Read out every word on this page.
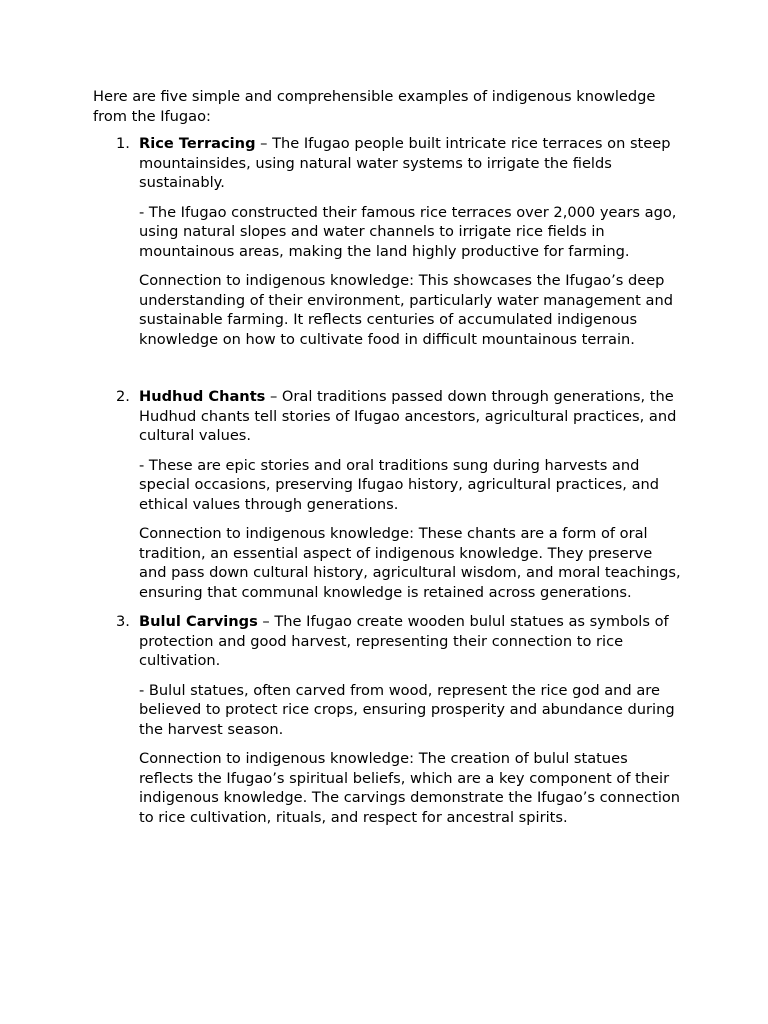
Here are five simple and comprehensible examples of indigenous knowledge from the Ifugao:

1. Rice Terracing – The Ifugao people built intricate rice terraces on steep mountainsides, using natural water systems to irrigate the fields sustainably.

- The Ifugao constructed their famous rice terraces over 2,000 years ago, using natural slopes and water channels to irrigate rice fields in mountainous areas, making the land highly productive for farming.

Connection to indigenous knowledge: This showcases the Ifugao’s deep understanding of their environment, particularly water management and sustainable farming. It reflects centuries of accumulated indigenous knowledge on how to cultivate food in difficult mountainous terrain.

2. Hudhud Chants – Oral traditions passed down through generations, the Hudhud chants tell stories of Ifugao ancestors, agricultural practices, and cultural values.

- These are epic stories and oral traditions sung during harvests and special occasions, preserving Ifugao history, agricultural practices, and ethical values through generations.

Connection to indigenous knowledge: These chants are a form of oral tradition, an essential aspect of indigenous knowledge. They preserve and pass down cultural history, agricultural wisdom, and moral teachings, ensuring that communal knowledge is retained across generations.

3. Bulul Carvings – The Ifugao create wooden bulul statues as symbols of protection and good harvest, representing their connection to rice cultivation.

- Bulul statues, often carved from wood, represent the rice god and are believed to protect rice crops, ensuring prosperity and abundance during the harvest season.

Connection to indigenous knowledge: The creation of bulul statues reflects the Ifugao’s spiritual beliefs, which are a key component of their indigenous knowledge. The carvings demonstrate the Ifugao’s connection to rice cultivation, rituals, and respect for ancestral spirits.
